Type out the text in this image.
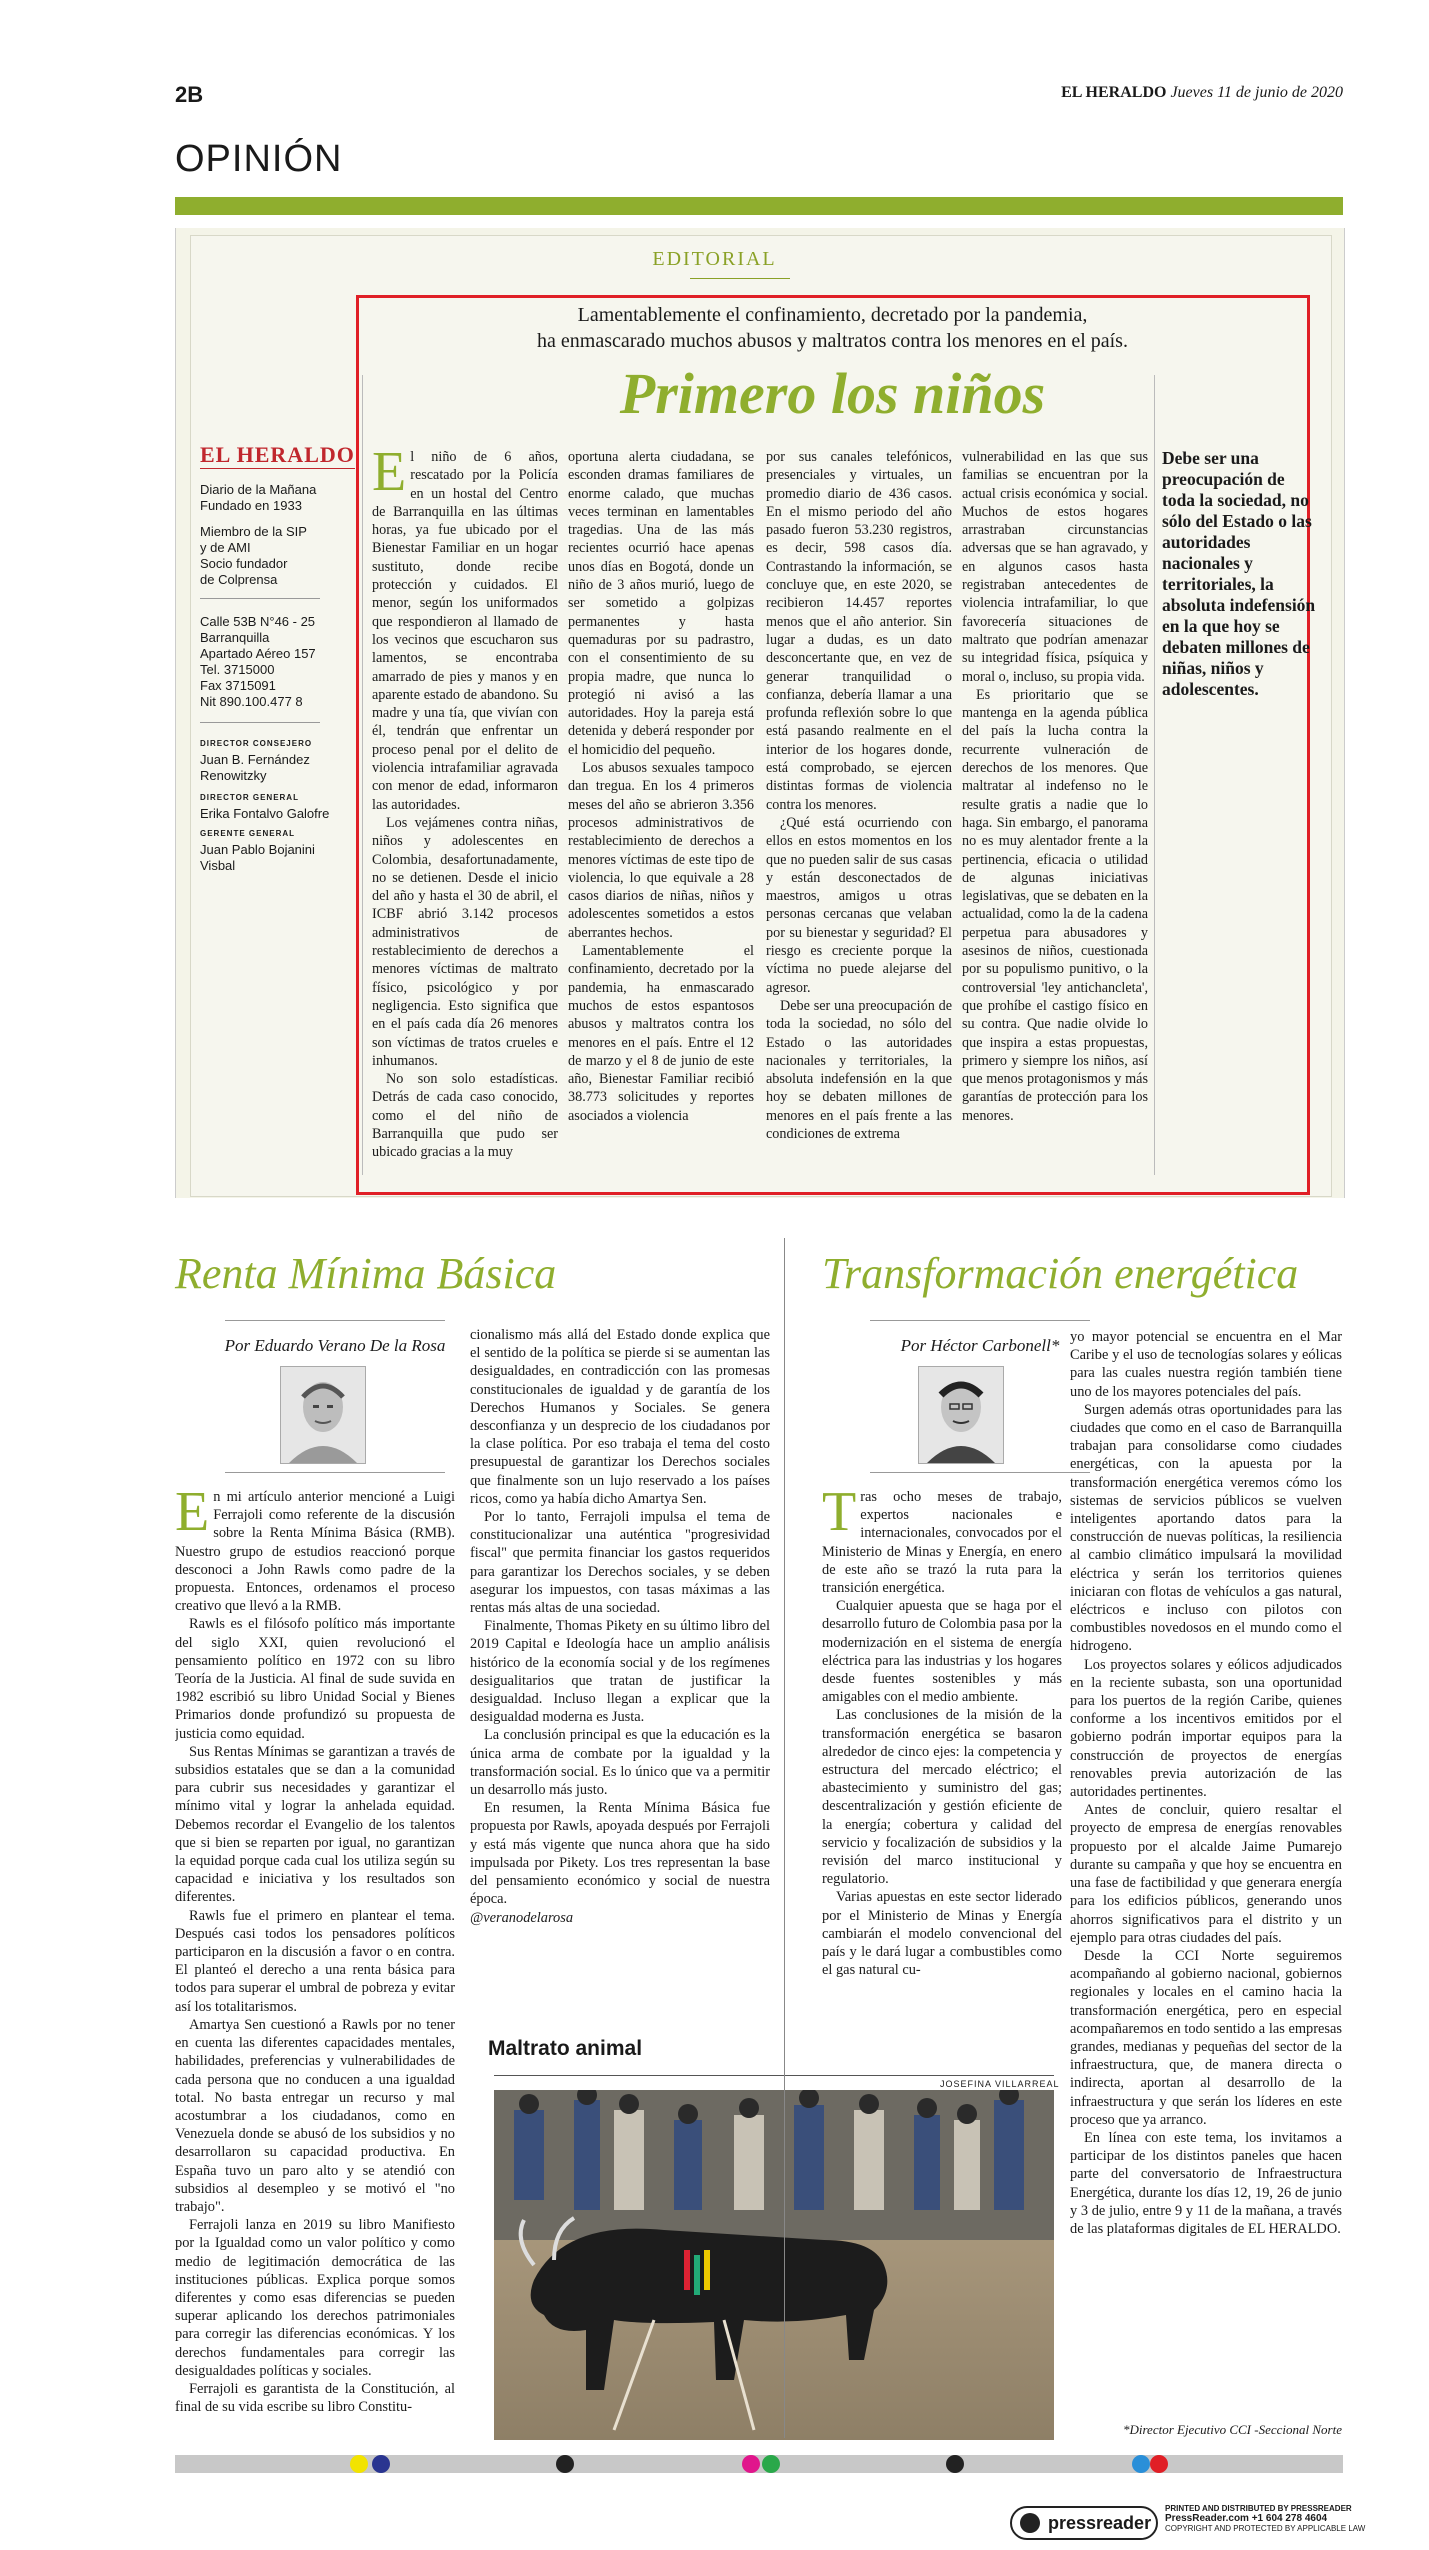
2B	EL HERALDO Jueves 11 de junio de 2020
OPINIÓN
EDITORIAL
Lamentablemente el confinamiento, decretado por la pandemia,
ha enmascarado muchos abusos y maltratos contra los menores en el país.
Primero los niños
EL HERALDO
Diario de la Mañana
Fundado en 1933
Miembro de la SIP
y de AMI
Socio fundador
de Colprensa
Calle 53B N°46 - 25
Barranquilla
Apartado Aéreo 157
Tel. 3715000
Fax 3715091
Nit 890.100.477 8
DIRECTOR CONSEJERO
Juan B. Fernández
Renowitzky
DIRECTOR GENERAL
Erika Fontalvo Galofre
GERENTE GENERAL
Juan Pablo Bojanini
Visbal

El niño de 6 años, rescatado por la Policía en un hostal del Centro de Barranquilla en las últimas horas, ya fue ubicado por el Bienestar Familiar en un hogar sustituto, donde recibe protección y cuidados. El menor, según los uniformados que respondieron al llamado de los vecinos que escucharon sus lamentos, se encontraba amarrado de pies y manos y en aparente estado de abandono. Su madre y una tía, que vivían con él, tendrán que enfrentar un proceso penal por el delito de violencia intrafamiliar agravada con menor de edad, informaron las autoridades.

Los vejámenes contra niñas, niños y adolescentes en Colombia, desafortunadamente, no se detienen. Desde el inicio del año y hasta el 30 de abril, el ICBF abrió 3.142 procesos administrativos de restablecimiento de derechos a menores víctimas de maltrato físico, psicológico y por negligencia. Esto significa que en el país cada día 26 menores son víctimas de tratos crueles e inhumanos.

No son solo estadísticas. Detrás de cada caso conocido, como el del niño de Barranquilla que pudo ser ubicado gracias a la muy

oportuna alerta ciudadana, se esconden dramas familiares de enorme calado, que muchas veces terminan en lamentables tragedias. Una de las más recientes ocurrió hace apenas unos días en Bogotá, donde un niño de 3 años murió, luego de ser sometido a golpizas permanentes y hasta quemaduras por su padrastro, con el consentimiento de su propia madre, que nunca lo protegió ni avisó a las autoridades. Hoy la pareja está detenida y deberá responder por el homicidio del pequeño.

Los abusos sexuales tampoco dan tregua. En los 4 primeros meses del año se abrieron 3.356 procesos administrativos de restablecimiento de derechos a menores víctimas de este tipo de violencia, lo que equivale a 28 casos diarios de niñas, niños y adolescentes sometidos a estos aberrantes hechos.

Lamentablemente el confinamiento, decretado por la pandemia, ha enmascarado muchos de estos espantosos abusos y maltratos contra los menores en el país. Entre el 12 de marzo y el 8 de junio de este año, Bienestar Familiar recibió 38.773 solicitudes y reportes asociados a violencia

por sus canales telefónicos, presenciales y virtuales, un promedio diario de 436 casos. En el mismo periodo del año pasado fueron 53.230 registros, es decir, 598 casos día. Contrastando la información, se concluye que, en este 2020, se recibieron 14.457 reportes menos que el año anterior. Sin lugar a dudas, es un dato desconcertante que, en vez de generar tranquilidad o confianza, debería llamar a una profunda reflexión sobre lo que está pasando realmente en el interior de los hogares donde, está comprobado, se ejercen distintas formas de violencia contra los menores.

¿Qué está ocurriendo con ellos en estos momentos en los que no pueden salir de sus casas y están desconectados de maestros, amigos u otras personas cercanas que velaban por su bienestar y seguridad? El riesgo es creciente porque la víctima no puede alejarse del agresor.

Debe ser una preocupación de toda la sociedad, no sólo del Estado o las autoridades nacionales y territoriales, la absoluta indefensión en la que hoy se debaten millones de menores en el país frente a las condiciones de extrema

vulnerabilidad en las que sus familias se encuentran por la actual crisis económica y social. Muchos de estos hogares arrastraban circunstancias adversas que se han agravado, y en algunos casos hasta registraban antecedentes de violencia intrafamiliar, lo que favorecería situaciones de maltrato que podrían amenazar su integridad física, psíquica y moral o, incluso, su propia vida.

Es prioritario que se mantenga en la agenda pública del país la lucha contra la recurrente vulneración de derechos de los menores. Que maltratar al indefenso no le resulte gratis a nadie que lo haga. Sin embargo, el panorama no es muy alentador frente a la pertinencia, eficacia o utilidad de algunas iniciativas legislativas, que se debaten en la actualidad, como la de la cadena perpetua para abusadores y asesinos de niños, cuestionada por su populismo punitivo, o la controversial 'ley antichancleta', que prohíbe el castigo físico en su contra. Que nadie olvide lo que inspira a estas propuestas, primero y siempre los niños, así que menos protagonismos y más garantías de protección para los menores.

Debe ser una preocupación de toda la sociedad, no sólo del Estado o las autoridades nacionales y territoriales, la absoluta indefensión en la que hoy se debaten millones de niñas, niños y adolescentes.
Renta Mínima Básica
Por Eduardo Verano De la Rosa

En mi artículo anterior mencioné a Luigi Ferrajoli como referente de la discusión sobre la Renta Mínima Básica (RMB). Nuestro grupo de estudios reaccionó porque desconoci a John Rawls como padre de la propuesta. Entonces, ordenamos el proceso creativo que llevó a la RMB.

Rawls es el filósofo político más importante del siglo XXI, quien revolucionó el pensamiento político en 1972 con su libro Teoría de la Justicia. Al final de sude suvida en 1982 escribió su libro Unidad Social y Bienes Primarios donde profundizó su propuesta de justicia como equidad.

Sus Rentas Mínimas se garantizan a través de subsidios estatales que se dan a la comunidad para cubrir sus necesidades y garantizar el mínimo vital y lograr la anhelada equidad. Debemos recordar el Evangelio de los talentos que si bien se reparten por igual, no garantizan la equidad porque cada cual los utiliza según su capacidad e iniciativa y los resultados son diferentes.

Rawls fue el primero en plantear el tema. Después casi todos los pensadores políticos participaron en la discusión a favor o en contra. El planteó el derecho a una renta básica para todos para superar el umbral de pobreza y evitar así los totalitarismos.

Amartya Sen cuestionó a Rawls por no tener en cuenta las diferentes capacidades mentales, habilidades, preferencias y vulnerabilidades de cada persona que no conducen a una igualdad total. No basta entregar un recurso y mal acostumbrar a los ciudadanos, como en Venezuela donde se abusó de los subsidios y no desarrollaron su capacidad productiva. En España tuvo un paro alto y se atendió con subsidios al desempleo y se motivó el "no trabajo".

Ferrajoli lanza en 2019 su libro Manifiesto por la Igualdad como un valor político y como medio de legitimación democrática de las instituciones públicas. Explica porque somos diferentes y como esas diferencias se pueden superar aplicando los derechos patrimoniales para corregir las diferencias económicas. Y los derechos fundamentales para corregir las desigualdades políticas y sociales.

Ferrajoli es garantista de la Constitución, al final de su vida escribe su libro Constitu-

cionalismo más allá del Estado donde explica que el sentido de la política se pierde si se aumentan las desigualdades, en contradicción con las promesas constitucionales de igualdad y de garantía de los Derechos Humanos y Sociales. Se genera desconfianza y un desprecio de los ciudadanos por la clase política. Por eso trabaja el tema del costo presupuestal de garantizar los Derechos sociales que finalmente son un lujo reservado a los países ricos, como ya había dicho Amartya Sen.

Por lo tanto, Ferrajoli impulsa el tema de constitucionalizar una auténtica "progresividad fiscal" que permita financiar los gastos requeridos para garantizar los Derechos sociales, y se deben asegurar los impuestos, con tasas máximas a las rentas más altas de una sociedad.

Finalmente, Thomas Pikety en su último libro del 2019 Capital e Ideología hace un amplio análisis histórico de la economía social y de los regímenes desigualitarios que tratan de justificar la desigualdad. Incluso llegan a explicar que la desigualdad moderna es Justa.

La conclusión principal es que la educación es la única arma de combate por la igualdad y la transformación social. Es lo único que va a permitir un desarrollo más justo.

En resumen, la Renta Mínima Básica fue propuesta por Rawls, apoyada después por Ferrajoli y está más vigente que nunca ahora que ha sido impulsada por Pikety. Los tres representan la base del pensamiento económico y social de nuestra época.

@veranodelarosa

Maltrato animal
JOSEFINA VILLARREAL
Transformación energética
Por Héctor Carbonell*

Tras ocho meses de trabajo, expertos nacionales e internacionales, convocados por el Ministerio de Minas y Energía, en enero de este año se trazó la ruta para la transición energética.

Cualquier apuesta que se haga por el desarrollo futuro de Colombia pasa por la modernización en el sistema de energía eléctrica para las industrias y los hogares desde fuentes sostenibles y más amigables con el medio ambiente.

Las conclusiones de la misión de la transformación energética se basaron alrededor de cinco ejes: la competencia y estructura del mercado eléctrico; el abastecimiento y suministro del gas; descentralización y gestión eficiente de la energía; cobertura y calidad del servicio y focalización de subsidios y la revisión del marco institucional y regulatorio.

Varias apuestas en este sector liderado por el Ministerio de Minas y Energía cambiarán el modelo convencional del país y le dará lugar a combustibles como el gas natural cu-

yo mayor potencial se encuentra en el Mar Caribe y el uso de tecnologías solares y eólicas para las cuales nuestra región también tiene uno de los mayores potenciales del país.

Surgen además otras oportunidades para las ciudades que como en el caso de Barranquilla trabajan para consolidarse como ciudades energéticas, con la apuesta por la transformación energética veremos cómo los sistemas de servicios públicos se vuelven inteligentes aportando datos para la construcción de nuevas políticas, la resiliencia al cambio climático impulsará la movilidad eléctrica y serán los territorios quienes iniciaran con flotas de vehículos a gas natural, eléctricos e incluso con pilotos con combustibles novedosos en el mundo como el hidrogeno.

Los proyectos solares y eólicos adjudicados en la reciente subasta, son una oportunidad para los puertos de la región Caribe, quienes conforme a los incentivos emitidos por el gobierno podrán importar equipos para la construcción de proyectos de energías renovables previa autorización de las autoridades pertinentes.

Antes de concluir, quiero resaltar el proyecto de empresa de energías renovables propuesto por el alcalde Jaime Pumarejo durante su campaña y que hoy se encuentra en una fase de factibilidad y que generara energía para los edificios públicos, generando unos ahorros significativos para el distrito y un ejemplo para otras ciudades del país.

Desde la CCI Norte seguiremos acompañando al gobierno nacional, gobiernos regionales y locales en el camino hacia la transformación energética, pero en especial acompañaremos en todo sentido a las empresas grandes, medianas y pequeñas del sector de la infraestructura, que, de manera directa o indirecta, aportan al desarrollo de la infraestructura y que serán los líderes en este proceso que ya arranco.

En línea con este tema, los invitamos a participar de los distintos paneles que hacen parte del conversatorio de Infraestructura Energética, durante los días 12, 19, 26 de junio y 3 de julio, entre 9 y 11 de la mañana, a través de las plataformas digitales de EL HERALDO.

*Director Ejecutivo CCI -Seccional Norte
pressreader
PRINTED AND DISTRIBUTED BY PRESSREADER
PressReader.com +1 604 278 4604
COPYRIGHT AND PROTECTED BY APPLICABLE LAW
